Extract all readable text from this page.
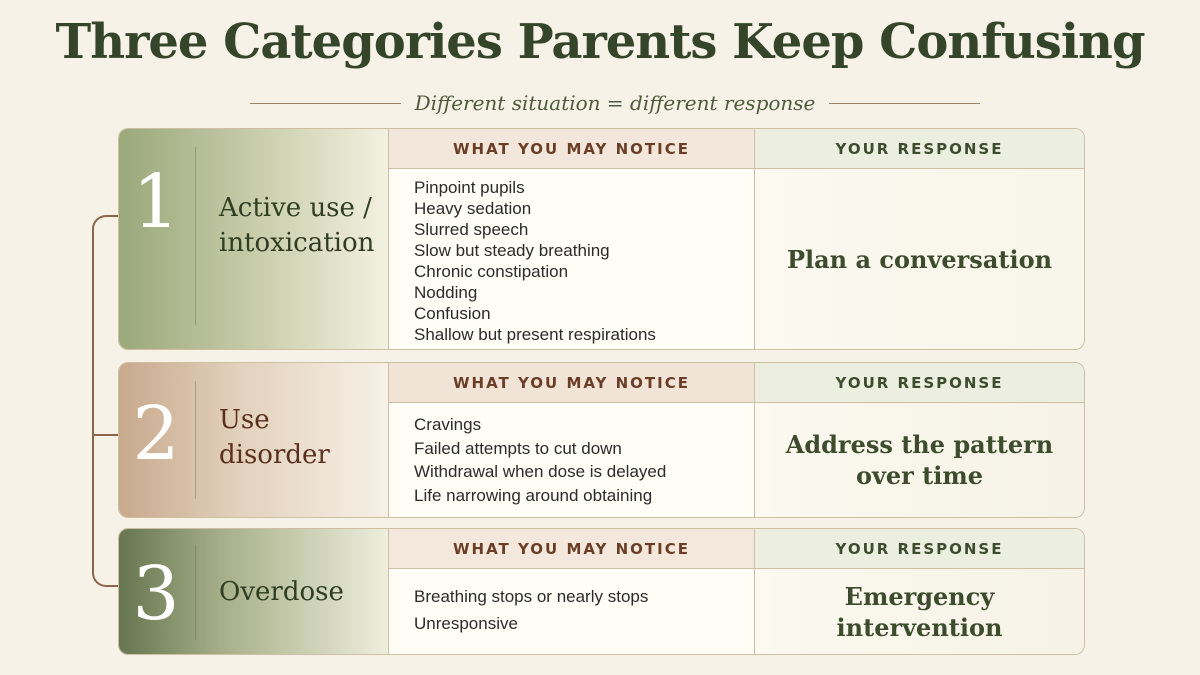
Three Categories Parents Keep Confusing
Different situation = different response
1	Active use / intoxication
WHAT YOU MAY NOTICE
Pinpoint pupils
Heavy sedation
Slurred speech
Slow but steady breathing
Chronic constipation
Nodding
Confusion
Shallow but present respirations
YOUR RESPONSE
Plan a conversation
2	Use disorder
WHAT YOU MAY NOTICE
Cravings
Failed attempts to cut down
Withdrawal when dose is delayed
Life narrowing around obtaining
YOUR RESPONSE
Address the pattern over time
3	Overdose
WHAT YOU MAY NOTICE
Breathing stops or nearly stops
Unresponsive
YOUR RESPONSE
Emergency intervention
